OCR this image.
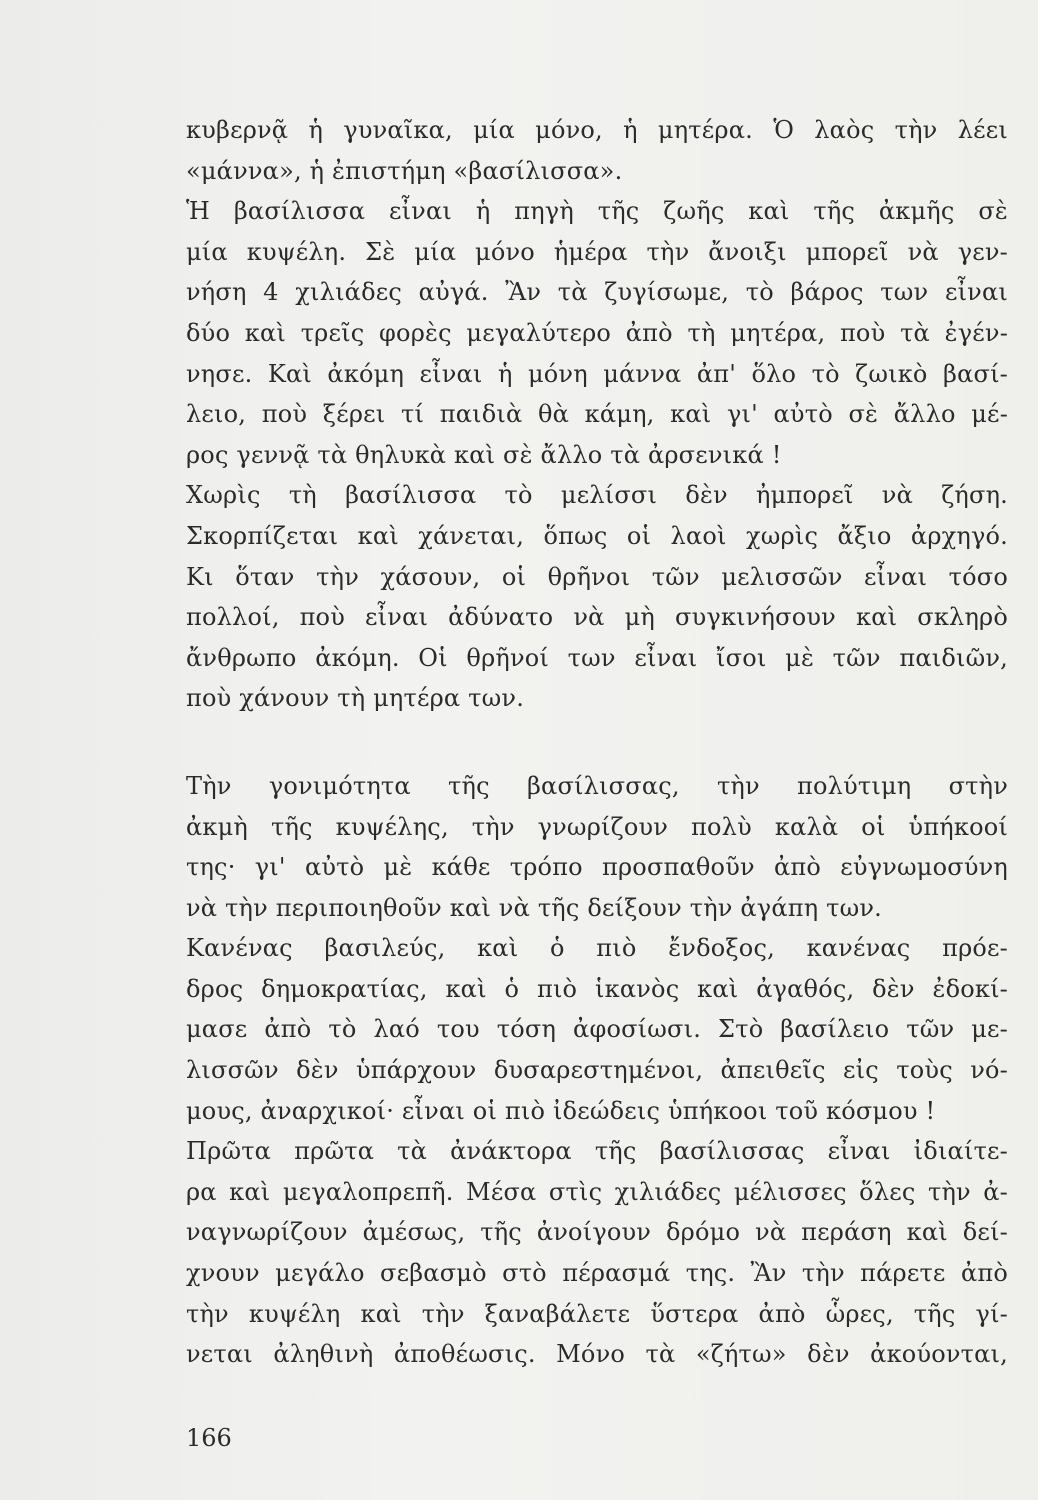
κυβερνᾷ ἡ γυναῖκα, μία μόνο, ἡ μητέρα. Ὁ λαὸς τὴν λέει
«μάννα», ἡ ἐπιστήμη «βασίλισσα».
Ἡ βασίλισσα εἶναι ἡ πηγὴ τῆς ζωῆς καὶ τῆς ἀκμῆς σὲ
μία κυψέλη. Σὲ μία μόνο ἡμέρα τὴν ἄνοιξι μπορεῖ νὰ γεν-
νήση 4 χιλιάδες αὐγά. Ἂν τὰ ζυγίσωμε, τὸ βάρος των εἶναι
δύο καὶ τρεῖς φορὲς μεγαλύτερο ἀπὸ τὴ μητέρα, ποὺ τὰ ἐγέν-
νησε. Καὶ ἀκόμη εἶναι ἡ μόνη μάννα ἀπ' ὅλο τὸ ζωικὸ βασί-
λειο, ποὺ ξέρει τί παιδιὰ θὰ κάμη, καὶ γι' αὐτὸ σὲ ἄλλο μέ-
ρος γεννᾷ τὰ θηλυκὰ καὶ σὲ ἄλλο τὰ ἀρσενικά !
Χωρὶς τὴ βασίλισσα τὸ μελίσσι δὲν ἠμπορεῖ νὰ ζήση.
Σκορπίζεται καὶ χάνεται, ὅπως οἱ λαοὶ χωρὶς ἄξιο ἀρχηγό.
Κι ὅταν τὴν χάσουν, οἱ θρῆνοι τῶν μελισσῶν εἶναι τόσο
πολλοί, ποὺ εἶναι ἀδύνατο νὰ μὴ συγκινήσουν καὶ σκληρὸ
ἄνθρωπο ἀκόμη. Οἱ θρῆνοί των εἶναι ἴσοι μὲ τῶν παιδιῶν,
ποὺ χάνουν τὴ μητέρα των.
Τὴν γονιμότητα τῆς βασίλισσας, τὴν πολύτιμη στὴν
ἀκμὴ τῆς κυψέλης, τὴν γνωρίζουν πολὺ καλὰ οἱ ὑπήκοοί
της· γι' αὐτὸ μὲ κάθε τρόπο προσπαθοῦν ἀπὸ εὐγνωμοσύνη
νὰ τὴν περιποιηθοῦν καὶ νὰ τῆς δείξουν τὴν ἀγάπη των.
Κανένας βασιλεύς, καὶ ὁ πιὸ ἔνδοξος, κανένας πρόε-
δρος δημοκρατίας, καὶ ὁ πιὸ ἱκανὸς καὶ ἀγαθός, δὲν ἐδοκί-
μασε ἀπὸ τὸ λαό του τόση ἀφοσίωσι. Στὸ βασίλειο τῶν με-
λισσῶν δὲν ὑπάρχουν δυσαρεστημένοι, ἀπειθεῖς εἰς τοὺς νό-
μους, ἀναρχικοί· εἶναι οἱ πιὸ ἰδεώδεις ὑπήκοοι τοῦ κόσμου !
Πρῶτα πρῶτα τὰ ἀνάκτορα τῆς βασίλισσας εἶναι ἰδιαίτε-
ρα καὶ μεγαλοπρεπῆ. Μέσα στὶς χιλιάδες μέλισσες ὅλες τὴν ἀ-
ναγνωρίζουν ἀμέσως, τῆς ἀνοίγουν δρόμο νὰ περάση καὶ δεί-
χνουν μεγάλο σεβασμὸ στὸ πέρασμά της. Ἂν τὴν πάρετε ἀπὸ
τὴν κυψέλη καὶ τὴν ξαναβάλετε ὕστερα ἀπὸ ὧρες, τῆς γί-
νεται ἀληθινὴ ἀποθέωσις. Μόνο τὰ «ζήτω» δὲν ἀκούονται,
166
